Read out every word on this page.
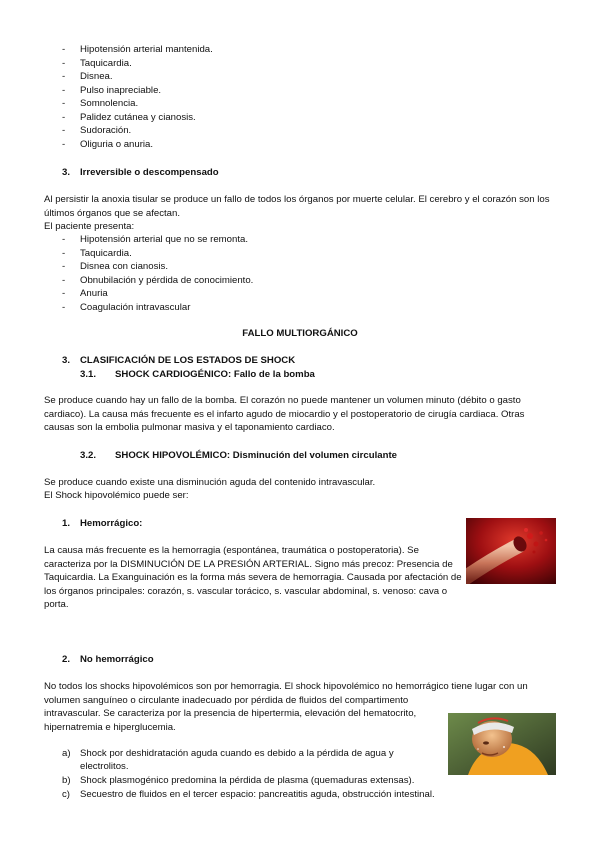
- Hipotensión arterial mantenida.
- Taquicardia.
- Disnea.
- Pulso inapreciable.
- Somnolencia.
- Palidez cutánea y cianosis.
- Sudoración.
- Oliguria o anuria.
3. Irreversible o descompensado
Al persistir la anoxia tisular se produce un fallo de todos los órganos por muerte celular. El cerebro y el corazón son los últimos órganos que se afectan.
El paciente presenta:
- Hipotensión arterial que no se remonta.
- Taquicardia.
- Disnea con cianosis.
- Obnubilación y pérdida de conocimiento.
- Anuria
- Coagulación intravascular
FALLO MULTIORGÁNICO
3. CLASIFICACIÓN DE LOS ESTADOS DE SHOCK
3.1. SHOCK CARDIOGÉNICO: Fallo de la bomba
Se produce cuando hay un fallo de la bomba. El corazón no puede mantener un volumen minuto (débito o gasto cardiaco). La causa más frecuente es el infarto agudo de miocardio y el postoperatorio de cirugía cardiaca. Otras causas son la embolia pulmonar masiva y el taponamiento cardiaco.
3.2. SHOCK HIPOVOLÉMICO: Disminución del volumen circulante
Se produce cuando existe una disminución aguda del contenido intravascular.
El Shock hipovolémico puede ser:
1. Hemorrágico:
La causa más frecuente es la hemorragia (espontánea, traumática o postoperatoria). Se caracteriza por la DISMINUCIÓN DE LA PRESIÓN ARTERIAL. Signo más precoz: Presencia de Taquicardia. La Exanguinación es la forma más severa de hemorragia. Causada por afectación de los órganos principales: corazón, s. vascular torácico, s. vascular abdominal, s. venoso: cava o porta.
2. No hemorrágico
No todos los shocks hipovolémicos son por hemorragia. El shock hipovolémico no hemorrágico tiene lugar con un volumen sanguíneo o circulante inadecuado por pérdida de fluidos del compartimento
intravascular. Se caracteriza por la presencia de hipertermia, elevación del hematocrito, hipernatremia e hiperglucemia.
a) Shock por deshidratación aguda cuando es debido a la pérdida de agua y
electrolitos.
b) Shock plasmogénico predomina la pérdida de plasma (quemaduras extensas).
c) Secuestro de fluidos en el tercer espacio: pancreatitis aguda, obstrucción intestinal.
